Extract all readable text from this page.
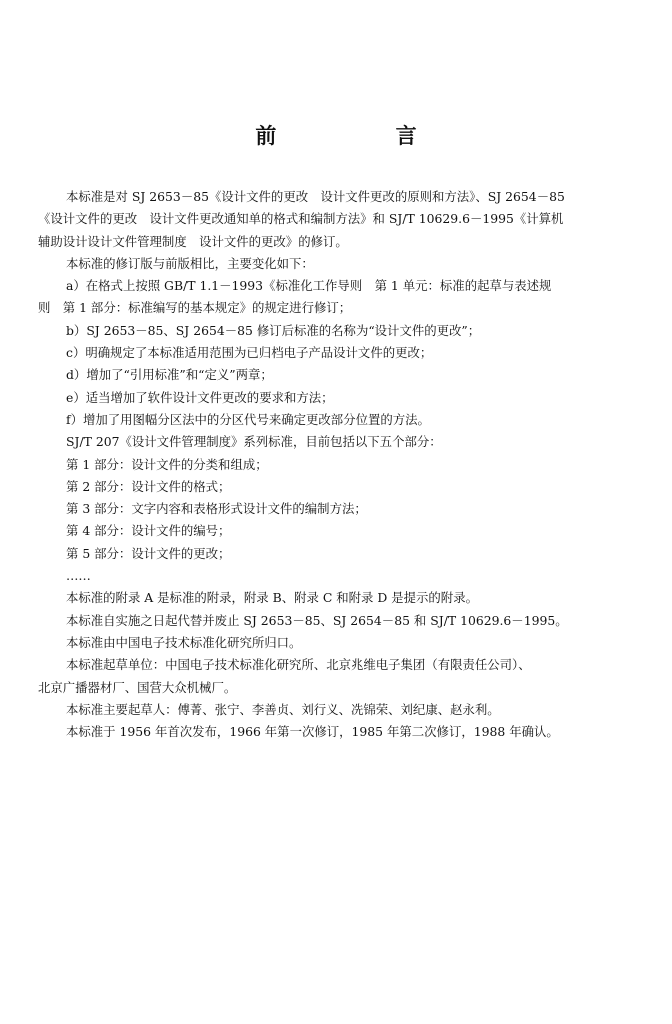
前 言
本标准是对 SJ 2653－85《设计文件的更改　设计文件更改的原则和方法》、SJ 2654－85
《设计文件的更改　设计文件更改通知单的格式和编制方法》和 SJ/T 10629.6－1995《计算机
辅助设计设计文件管理制度　设计文件的更改》的修订。
本标准的修订版与前版相比，主要变化如下：
a）在格式上按照 GB/T 1.1－1993《标准化工作导则　第 1 单元：标准的起草与表述规
则　第 1 部分：标准编写的基本规定》的规定进行修订；
b）SJ 2653－85、SJ 2654－85 修订后标准的名称为“设计文件的更改”；
c）明确规定了本标准适用范围为已归档电子产品设计文件的更改；
d）增加了“引用标准”和“定义”两章；
e）适当增加了软件设计文件更改的要求和方法；
f）增加了用图幅分区法中的分区代号来确定更改部分位置的方法。
SJ/T 207《设计文件管理制度》系列标准，目前包括以下五个部分：
第 1 部分：设计文件的分类和组成；
第 2 部分：设计文件的格式；
第 3 部分：文字内容和表格形式设计文件的编制方法；
第 4 部分：设计文件的编号；
第 5 部分：设计文件的更改；
……
本标准的附录 A 是标准的附录，附录 B、附录 C 和附录 D 是提示的附录。
本标准自实施之日起代替并废止 SJ 2653－85、SJ 2654－85 和 SJ/T 10629.6－1995。
本标准由中国电子技术标准化研究所归口。
本标准起草单位：中国电子技术标准化研究所、北京兆维电子集团（有限责任公司）、
北京广播器材厂、国营大众机械厂。
本标准主要起草人：傅菁、张宁、李善贞、刘行义、冼锦荣、刘纪康、赵永利。
本标准于 1956 年首次发布，1966 年第一次修订，1985 年第二次修订，1988 年确认。
